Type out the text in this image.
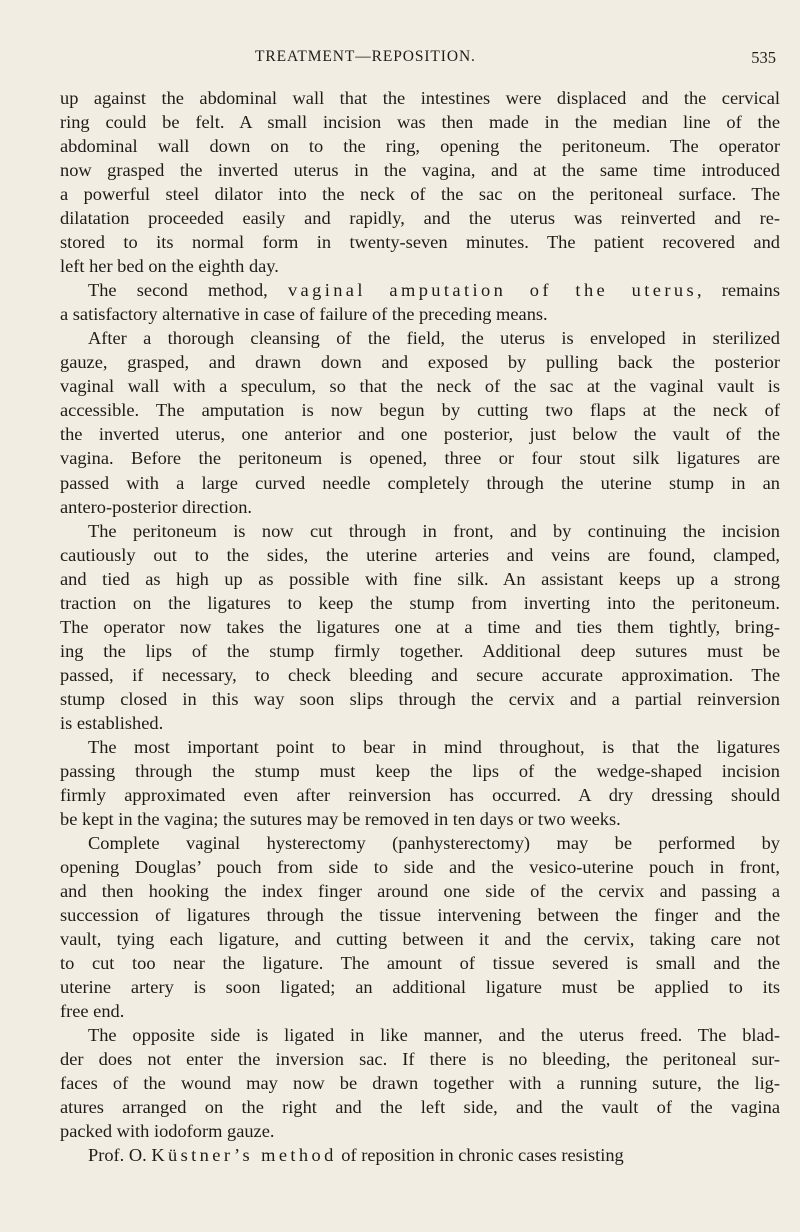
TREATMENT—REPOSITION.	535
up against the abdominal wall that the intestines were displaced and the cervical
ring could be felt. A small incision was then made in the median line of the
abdominal wall down on to the ring, opening the peritoneum. The operator
now grasped the inverted uterus in the vagina, and at the same time introduced
a powerful steel dilator into the neck of the sac on the peritoneal surface. The
dilatation proceeded easily and rapidly, and the uterus was reinverted and re-
stored to its normal form in twenty-seven minutes. The patient recovered and
left her bed on the eighth day.
The second method, vaginal amputation of the uterus, remains
a satisfactory alternative in case of failure of the preceding means.
After a thorough cleansing of the field, the uterus is enveloped in sterilized
gauze, grasped, and drawn down and exposed by pulling back the posterior
vaginal wall with a speculum, so that the neck of the sac at the vaginal vault is
accessible. The amputation is now begun by cutting two flaps at the neck of
the inverted uterus, one anterior and one posterior, just below the vault of the
vagina. Before the peritoneum is opened, three or four stout silk ligatures are
passed with a large curved needle completely through the uterine stump in an
antero-posterior direction.
The peritoneum is now cut through in front, and by continuing the incision
cautiously out to the sides, the uterine arteries and veins are found, clamped,
and tied as high up as possible with fine silk. An assistant keeps up a strong
traction on the ligatures to keep the stump from inverting into the peritoneum.
The operator now takes the ligatures one at a time and ties them tightly, bring-
ing the lips of the stump firmly together. Additional deep sutures must be
passed, if necessary, to check bleeding and secure accurate approximation. The
stump closed in this way soon slips through the cervix and a partial reinversion
is established.
The most important point to bear in mind throughout, is that the ligatures
passing through the stump must keep the lips of the wedge-shaped incision
firmly approximated even after reinversion has occurred. A dry dressing should
be kept in the vagina; the sutures may be removed in ten days or two weeks.
Complete vaginal hysterectomy (panhysterectomy) may be performed by
opening Douglas’ pouch from side to side and the vesico-uterine pouch in front,
and then hooking the index finger around one side of the cervix and passing a
succession of ligatures through the tissue intervening between the finger and the
vault, tying each ligature, and cutting between it and the cervix, taking care not
to cut too near the ligature. The amount of tissue severed is small and the
uterine artery is soon ligated; an additional ligature must be applied to its
free end.
The opposite side is ligated in like manner, and the uterus freed. The blad-
der does not enter the inversion sac. If there is no bleeding, the peritoneal sur-
faces of the wound may now be drawn together with a running suture, the lig-
atures arranged on the right and the left side, and the vault of the vagina
packed with iodoform gauze.
Prof. O. Küstner’s method of reposition in chronic cases resisting
